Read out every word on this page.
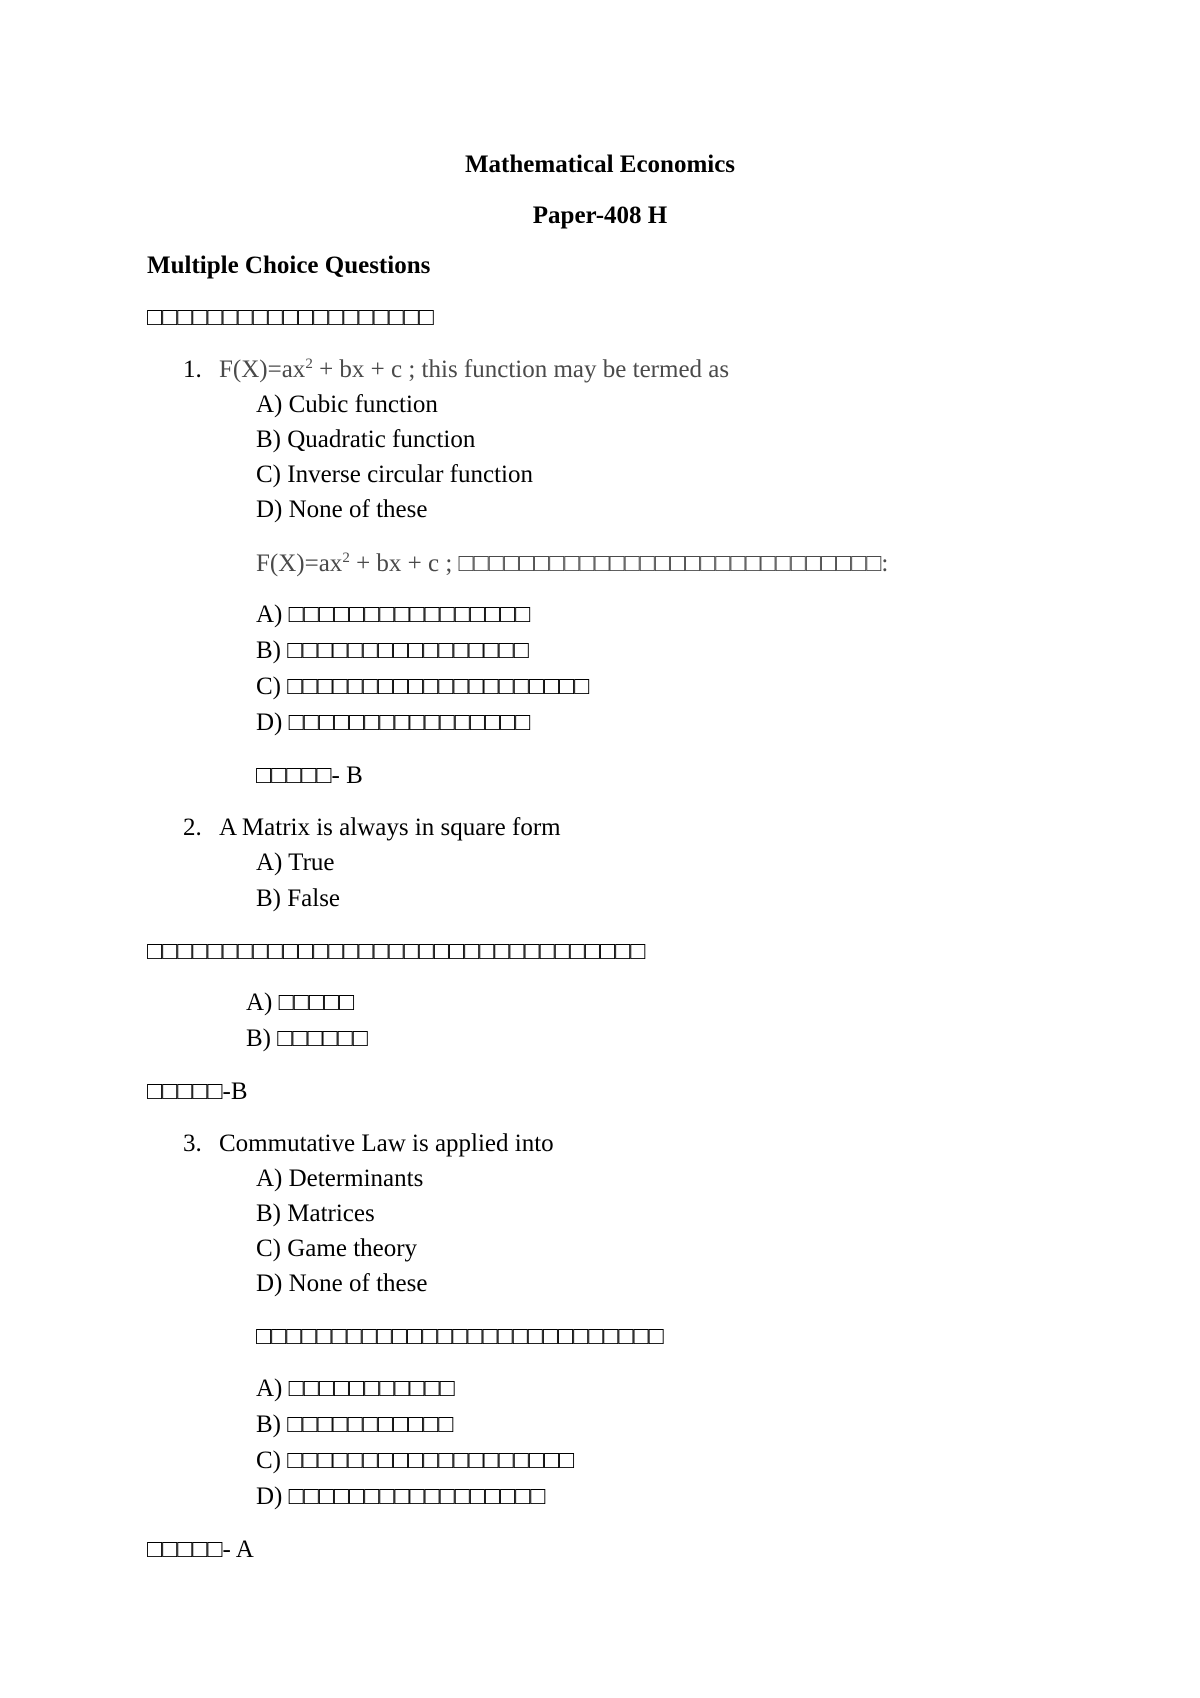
Mathematical Economics
Paper-408 H
Multiple Choice Questions
□□□□□□□□□□□□□□□□□□□
1. $F(X)=ax^2$ + bx + c ; this function may be termed as
A) Cubic function
B) Quadratic function
C) Inverse circular function
D) None of these
$F(X)=ax^2$ + bx + c ; □□□□□□□□□□□□□□□□□□□□□□□□□□□□:
A) □□□□□□□□□□□□□□□□
B) □□□□□□□□□□□□□□□□
C) □□□□□□□□□□□□□□□□□□□□
D) □□□□□□□□□□□□□□□□
□□□□□- B
2. A Matrix is always in square form
A) True
B) False
□□□□□□□□□□□□□□□□□□□□□□□□□□□□□□□□□
A) □□□□□
B) □□□□□□
□□□□□-B
3. Commutative Law is applied into
A) Determinants
B) Matrices
C) Game theory
D) None of these
□□□□□□□□□□□□□□□□□□□□□□□□□□□
A) □□□□□□□□□□□
B) □□□□□□□□□□□
C) □□□□□□□□□□□□□□□□□□□
D) □□□□□□□□□□□□□□□□□
□□□□□- A
